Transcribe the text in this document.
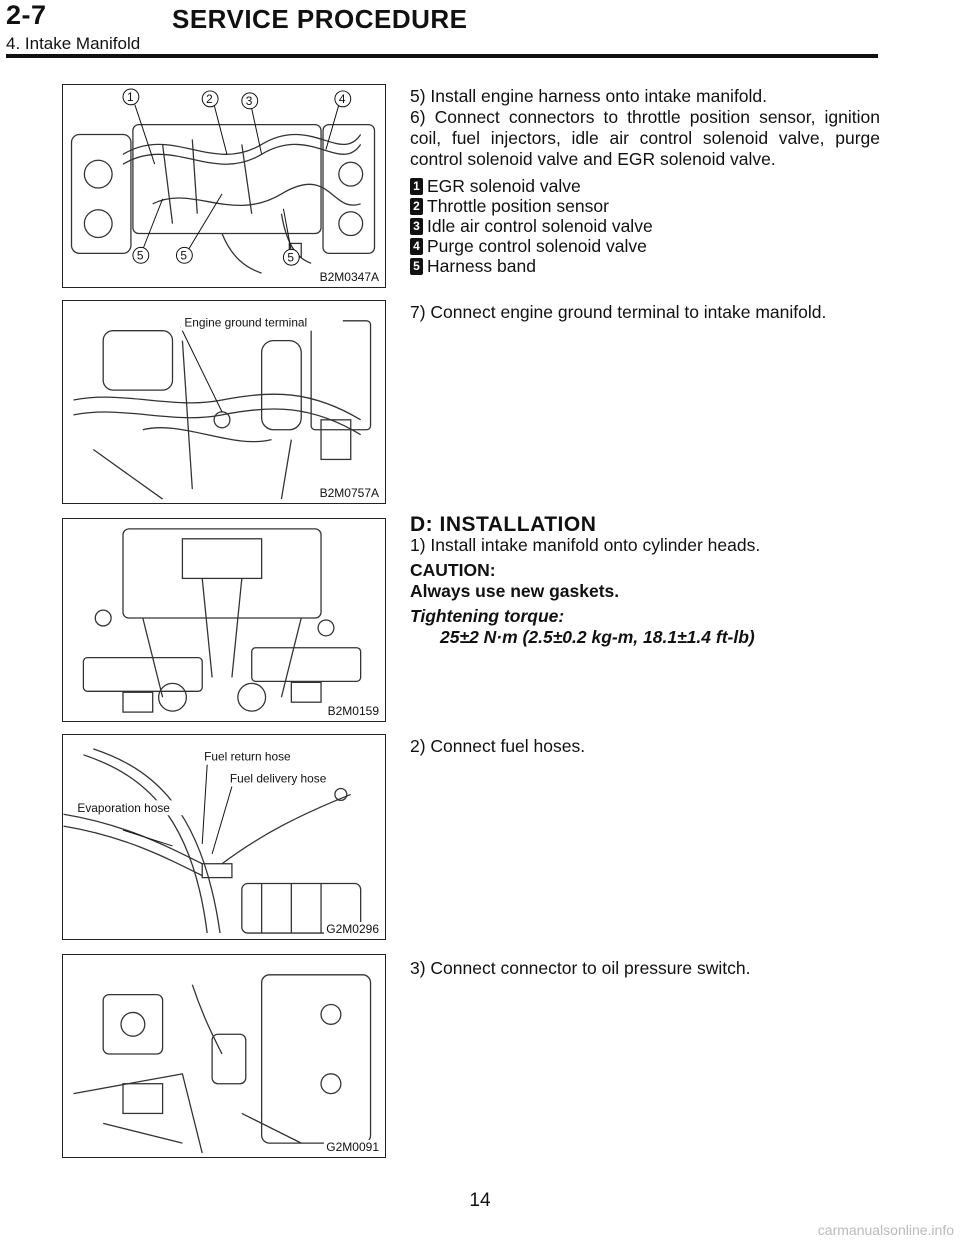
2-7	SERVICE PROCEDURE
4. Intake Manifold
1	2	3	4
5	5	5
B2M0347A

5) Install engine harness onto intake manifold.

6) Connect connectors to throttle position sensor, ignition coil, fuel injectors, idle air control solenoid valve, purge control solenoid valve and EGR solenoid valve.

1 EGR solenoid valve
2 Throttle position sensor
3 Idle air control solenoid valve
4 Purge control solenoid valve
5 Harness band
Engine ground terminal
B2M0757A

7) Connect engine ground terminal to intake manifold.

B2M0159

D: INSTALLATION

1) Install intake manifold onto cylinder heads.

CAUTION:

Always use new gaskets.

Tightening torque:

25±2 N·m (2.5±0.2 kg-m, 18.1±1.4 ft-lb)

Fuel return hose
Fuel delivery hose
Evaporation hose
G2M0296

2) Connect fuel hoses.

G2M0091

3) Connect connector to oil pressure switch.

14
carmanualsonline.info
